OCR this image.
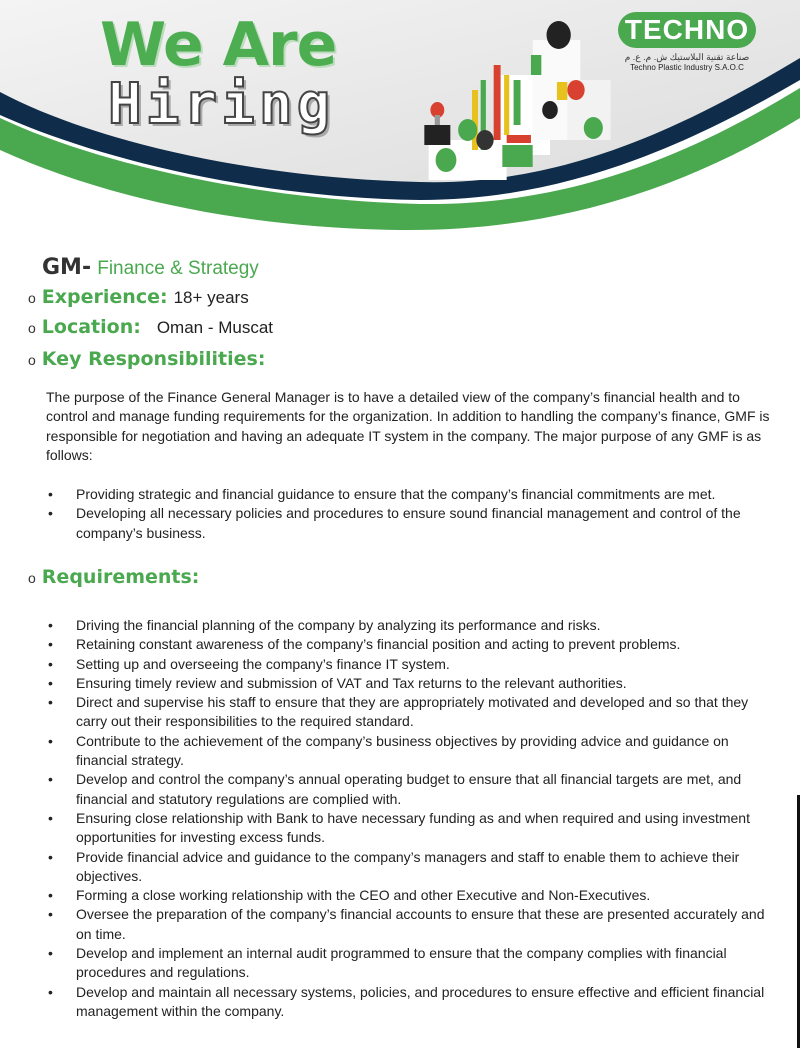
We Are
Hiring
TECHNO
صناعة تقنية البلاستيك ش. م. ع. م
Techno Plastic Industry S.A.O.C
GM- Finance & Strategy
o Experience: 18+ years
o Location: Oman - Muscat
o Key Responsibilities:
The purpose of the Finance General Manager is to have a detailed view of the company’s financial health and to control and manage funding requirements for the organization. In addition to handling the company’s finance, GMF is responsible for negotiation and having an adequate IT system in the company. The major purpose of any GMF is as follows:
• Providing strategic and financial guidance to ensure that the company’s financial commitments are met.
• Developing all necessary policies and procedures to ensure sound financial management and control of the company’s business.
o Requirements:
• Driving the financial planning of the company by analyzing its performance and risks.
• Retaining constant awareness of the company’s financial position and acting to prevent problems.
• Setting up and overseeing the company’s finance IT system.
• Ensuring timely review and submission of VAT and Tax returns to the relevant authorities.
• Direct and supervise his staff to ensure that they are appropriately motivated and developed and so that they carry out their responsibilities to the required standard.
• Contribute to the achievement of the company’s business objectives by providing advice and guidance on financial strategy.
• Develop and control the company’s annual operating budget to ensure that all financial targets are met, and financial and statutory regulations are complied with.
• Ensuring close relationship with Bank to have necessary funding as and when required and using investment opportunities for investing excess funds.
• Provide financial advice and guidance to the company’s managers and staff to enable them to achieve their objectives.
• Forming a close working relationship with the CEO and other Executive and Non-Executives.
• Oversee the preparation of the company’s financial accounts to ensure that these are presented accurately and on time.
• Develop and implement an internal audit programmed to ensure that the company complies with financial procedures and regulations.
• Develop and maintain all necessary systems, policies, and procedures to ensure effective and efficient financial management within the company.
